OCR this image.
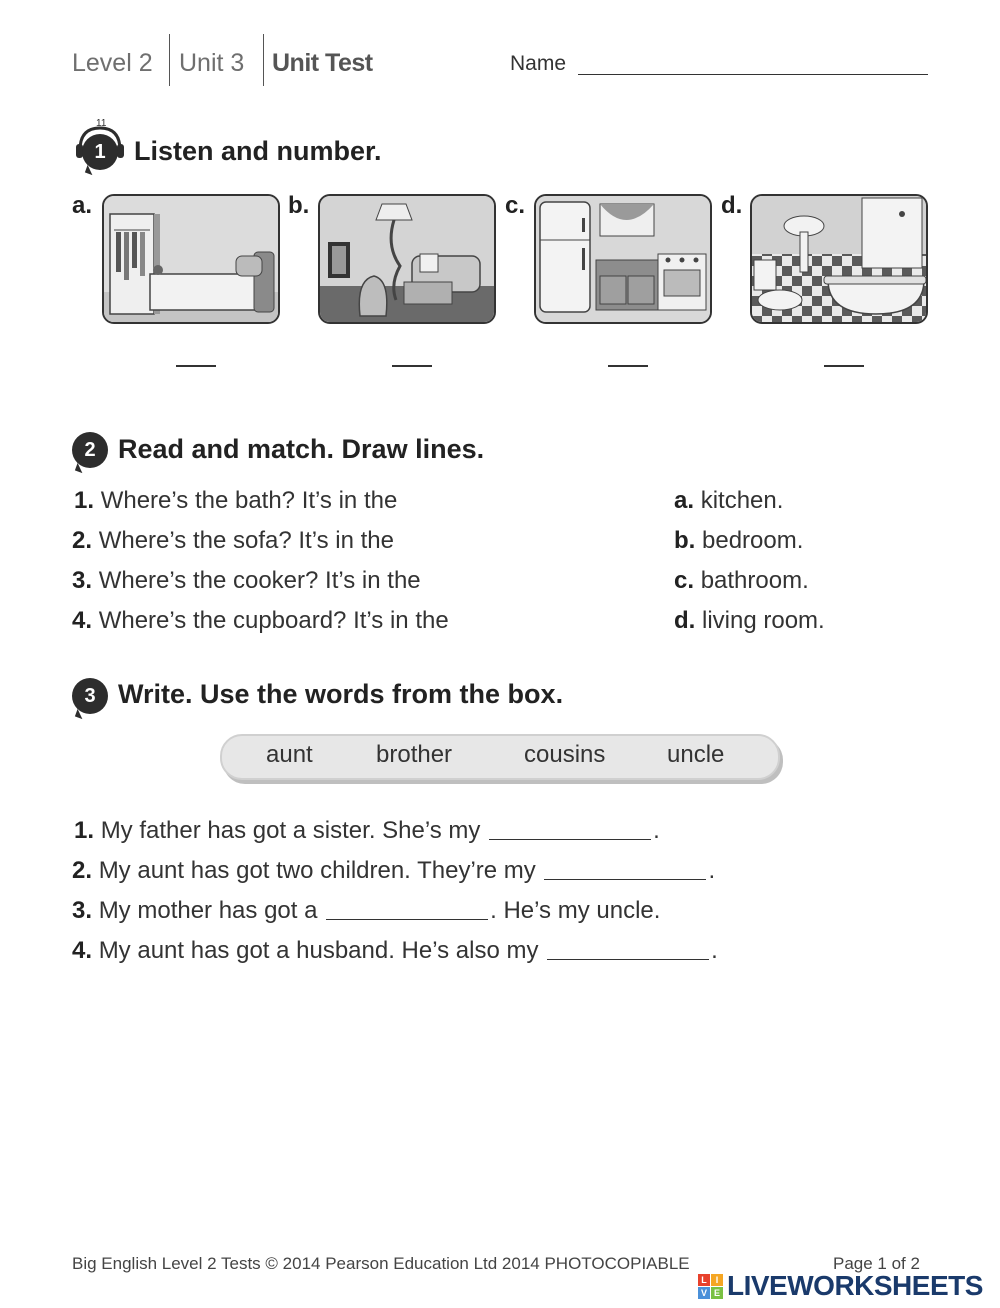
Level 2 Unit 3 Unit Test	Name
11
1	Listen and number.
a.	b.	c.	d.
2 Read and match. Draw lines.
1. Where’s the bath? It’s in the
2. Where’s the sofa? It’s in the
3. Where’s the cooker? It’s in the
4. Where’s the cupboard? It’s in the
a. kitchen.
b. bedroom.
c. bathroom.
d. living room.
3 Write. Use the words from the box.
aunt	brother	cousins	uncle
1. My father has got a sister. She’s my	.
2. My aunt has got two children. They’re my	.
3. My mother has got a	. He’s my uncle.
4. My aunt has got a husband. He’s also my	.
Big English Level 2 Tests © 2014 Pearson Education Ltd 2014 PHOTOCOPIABLE	Page 1 of 2
L I
V E LIVEWORKSHEETS
